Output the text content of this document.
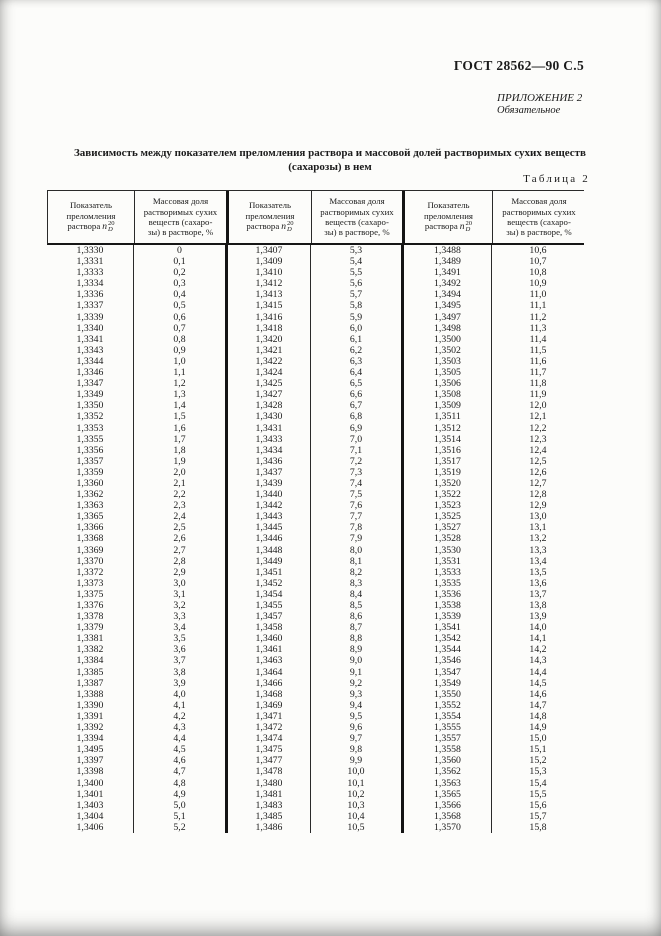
ГОСТ 28562—90 С.5
ПРИЛОЖЕНИЕ 2
Обязательное
Зависимость между показателем преломления раствора и массовой долей растворимых сухих веществ
(сахарозы) в нем
Таблица 2
Показатель
преломления
раствора n 20
D
Массовая доля
растворимых сухих
веществ (сахаро-
зы) в растворе, %
Показатель
преломления
раствора n 20
D
Массовая доля
растворимых сухих
веществ (сахаро-
зы) в растворе, %
Показатель
преломления
раствора n 20
D
Массовая доля
растворимых сухих
веществ (сахаро-
зы) в растворе, %
1,3330	0	1,3407	5,3	1,3488	10,6
1,3331	0,1	1,3409	5,4	1,3489	10,7
1,3333	0,2	1,3410	5,5	1,3491	10,8
1,3334	0,3	1,3412	5,6	1,3492	10,9
1,3336	0,4	1,3413	5,7	1,3494	11,0
1,3337	0,5	1,3415	5,8	1,3495	11,1
1,3339	0,6	1,3416	5,9	1,3497	11,2
1,3340	0,7	1,3418	6,0	1,3498	11,3
1,3341	0,8	1,3420	6,1	1,3500	11,4
1,3343	0,9	1,3421	6,2	1,3502	11,5
1,3344	1,0	1,3422	6,3	1,3503	11,6
1,3346	1,1	1,3424	6,4	1,3505	11,7
1,3347	1,2	1,3425	6,5	1,3506	11,8
1,3349	1,3	1,3427	6,6	1,3508	11,9
1,3350	1,4	1,3428	6,7	1,3509	12,0
1,3352	1,5	1,3430	6,8	1,3511	12,1
1,3353	1,6	1,3431	6,9	1,3512	12,2
1,3355	1,7	1,3433	7,0	1,3514	12,3
1,3356	1,8	1,3434	7,1	1,3516	12,4
1,3357	1,9	1,3436	7,2	1,3517	12,5
1,3359	2,0	1,3437	7,3	1,3519	12,6
1,3360	2,1	1,3439	7,4	1,3520	12,7
1,3362	2,2	1,3440	7,5	1,3522	12,8
1,3363	2,3	1,3442	7,6	1,3523	12,9
1,3365	2,4	1,3443	7,7	1,3525	13,0
1,3366	2,5	1,3445	7,8	1,3527	13,1
1,3368	2,6	1,3446	7,9	1,3528	13,2
1,3369	2,7	1,3448	8,0	1,3530	13,3
1,3370	2,8	1,3449	8,1	1,3531	13,4
1,3372	2,9	1,3451	8,2	1,3533	13,5
1,3373	3,0	1,3452	8,3	1,3535	13,6
1,3375	3,1	1,3454	8,4	1,3536	13,7
1,3376	3,2	1,3455	8,5	1,3538	13,8
1,3378	3,3	1,3457	8,6	1,3539	13,9
1,3379	3,4	1,3458	8,7	1,3541	14,0
1,3381	3,5	1,3460	8,8	1,3542	14,1
1,3382	3,6	1,3461	8,9	1,3544	14,2
1,3384	3,7	1,3463	9,0	1,3546	14,3
1,3385	3,8	1,3464	9,1	1,3547	14,4
1,3387	3,9	1,3466	9,2	1,3549	14,5
1,3388	4,0	1,3468	9,3	1,3550	14,6
1,3390	4,1	1,3469	9,4	1,3552	14,7
1,3391	4,2	1,3471	9,5	1,3554	14,8
1,3392	4,3	1,3472	9,6	1,3555	14,9
1,3394	4,4	1,3474	9,7	1,3557	15,0
1,3495	4,5	1,3475	9,8	1,3558	15,1
1,3397	4,6	1,3477	9,9	1,3560	15,2
1,3398	4,7	1,3478	10,0	1,3562	15,3
1,3400	4,8	1,3480	10,1	1,3563	15,4
1,3401	4,9	1,3481	10,2	1,3565	15,5
1,3403	5,0	1,3483	10,3	1,3566	15,6
1,3404	5,1	1,3485	10,4	1,3568	15,7
1,3406	5,2	1,3486	10,5	1,3570	15,8
